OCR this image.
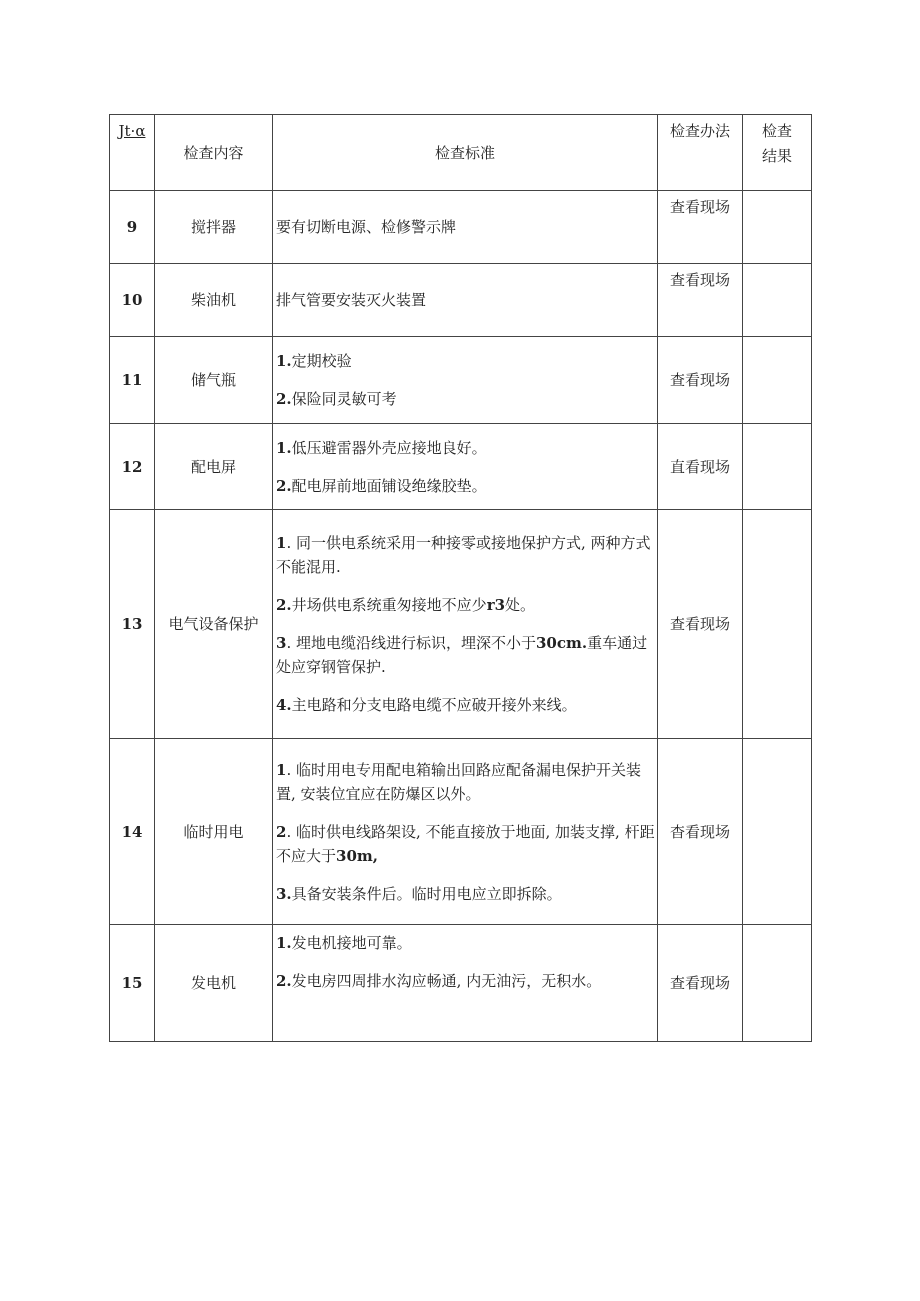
Jt·α	检查内容	检查标准	检查办法	检查
结果
9	搅拌器	要有切断电源、检修警示牌	查看现场	
10	柴油机	排气管要安装灭火装置	查看现场	
11	储气瓶	1.定期校验

2.保险同灵敏可考	查看现场	
12	配电屏	1.低压避雷器外壳应接地良好。

2.配电屏前地面铺设绝缘胶垫。	直看现场	
13	电气设备保护	1. 同一供电系统采用一种接零或接地保护方式, 两种方式不能混用.

2.井场供电系统重匆接地不应少r3处。

3. 埋地电缆沿线进行标识，埋深不小于30cm.重车通过处应穿钢管保护.

4.主电路和分支电路电缆不应破开接外来线。	查看现场	
14	临时用电	1. 临时用电专用配电箱输出回路应配备漏电保护开关装置, 安装位宜应在防爆区以外。

2. 临时供电线路架设, 不能直接放于地面, 加装支撑, 杆距不应大于30m,

3.具备安装条件后。临时用电应立即拆除。	杳看现场	
15	发电机	1.发电机接地可靠。

2.发电房四周排水沟应畅通, 内无油污，无积水。	查看现场	
